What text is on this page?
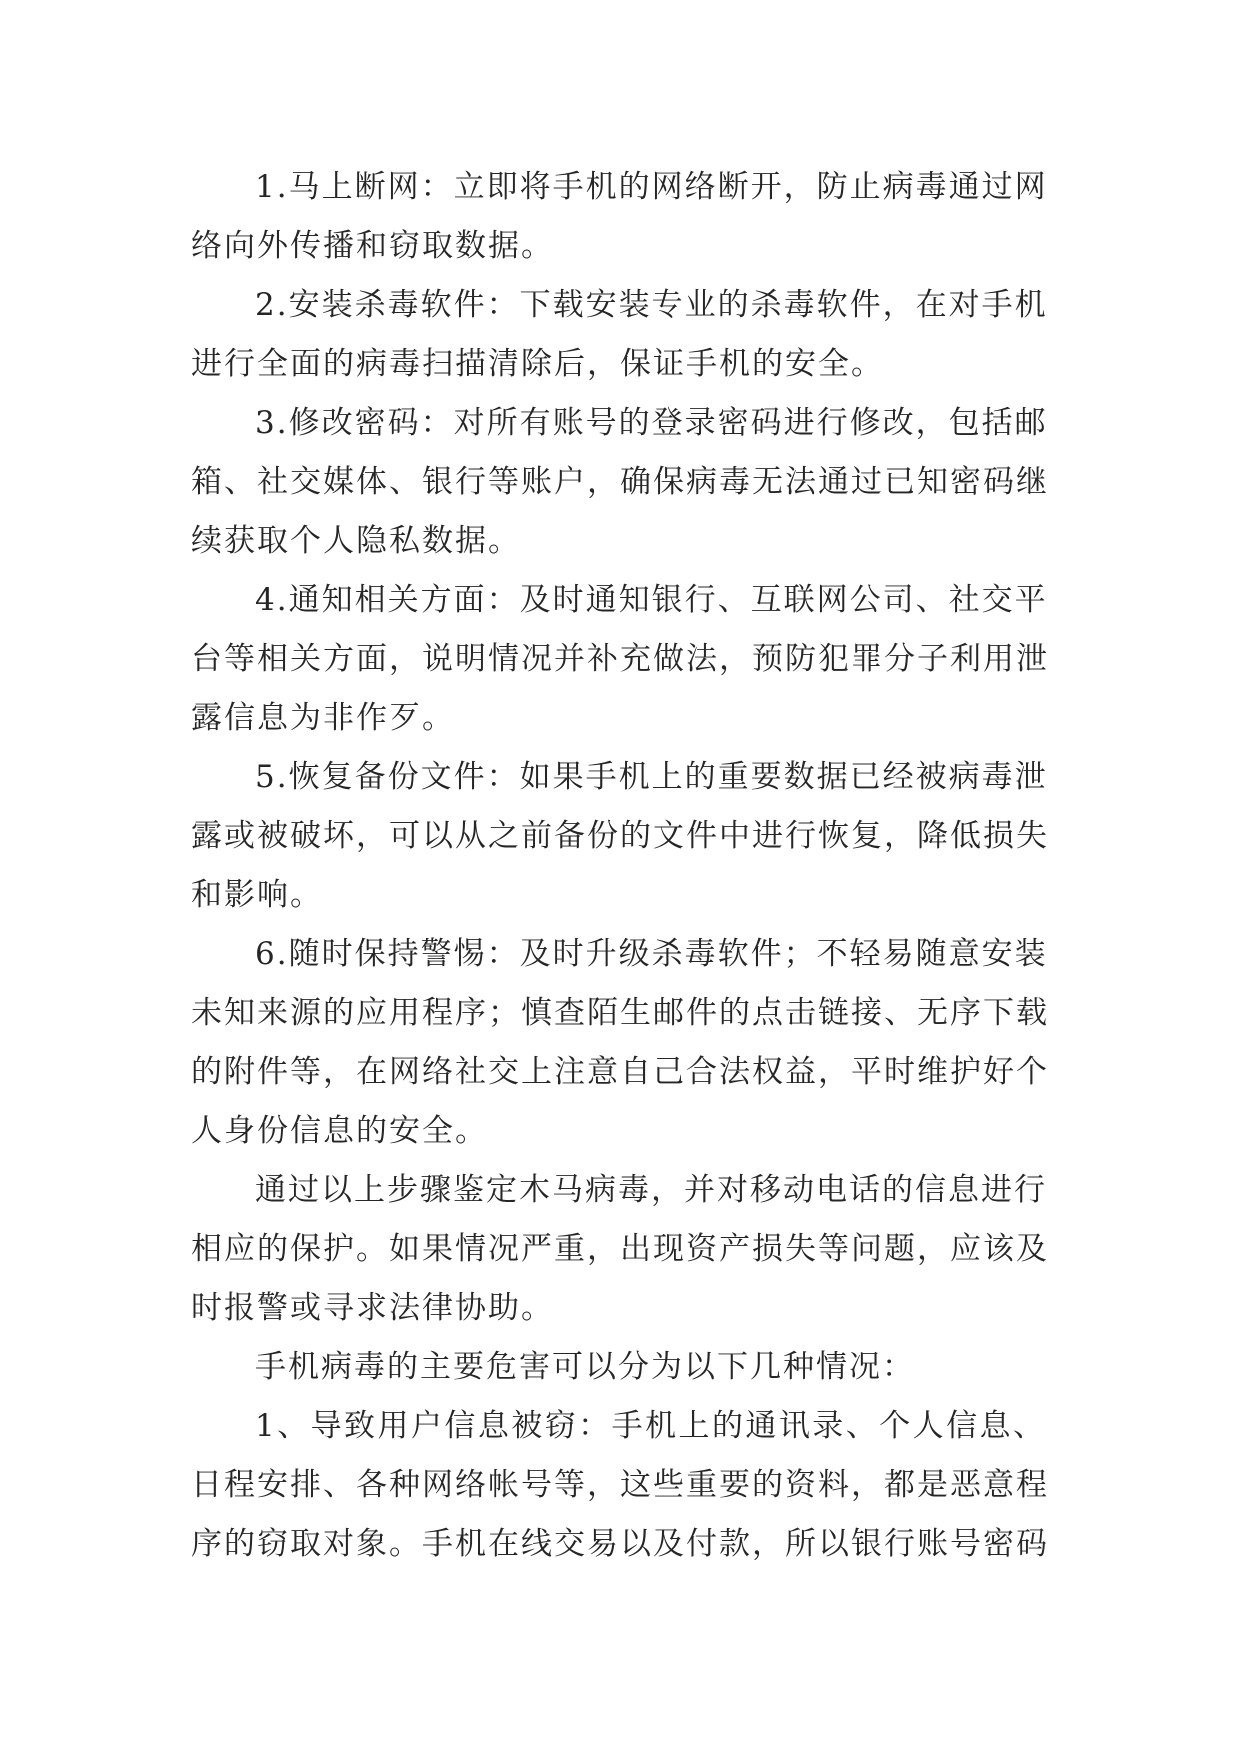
1.马上断网：立即将手机的网络断开，防止病毒通过网
络向外传播和窃取数据。
2.安装杀毒软件：下载安装专业的杀毒软件，在对手机
进行全面的病毒扫描清除后，保证手机的安全。
3.修改密码：对所有账号的登录密码进行修改，包括邮
箱、社交媒体、银行等账户，确保病毒无法通过已知密码继
续获取个人隐私数据。
4.通知相关方面：及时通知银行、互联网公司、社交平
台等相关方面，说明情况并补充做法，预防犯罪分子利用泄
露信息为非作歹。
5.恢复备份文件：如果手机上的重要数据已经被病毒泄
露或被破坏，可以从之前备份的文件中进行恢复，降低损失
和影响。
6.随时保持警惕：及时升级杀毒软件；不轻易随意安装
未知来源的应用程序；慎查陌生邮件的点击链接、无序下载
的附件等，在网络社交上注意自己合法权益，平时维护好个
人身份信息的安全。
通过以上步骤鉴定木马病毒，并对移动电话的信息进行
相应的保护。如果情况严重，出现资产损失等问题，应该及
时报警或寻求法律协助。
手机病毒的主要危害可以分为以下几种情况：
1、导致用户信息被窃：手机上的通讯录、个人信息、
日程安排、各种网络帐号等，这些重要的资料，都是恶意程
序的窃取对象。手机在线交易以及付款，所以银行账号密码
